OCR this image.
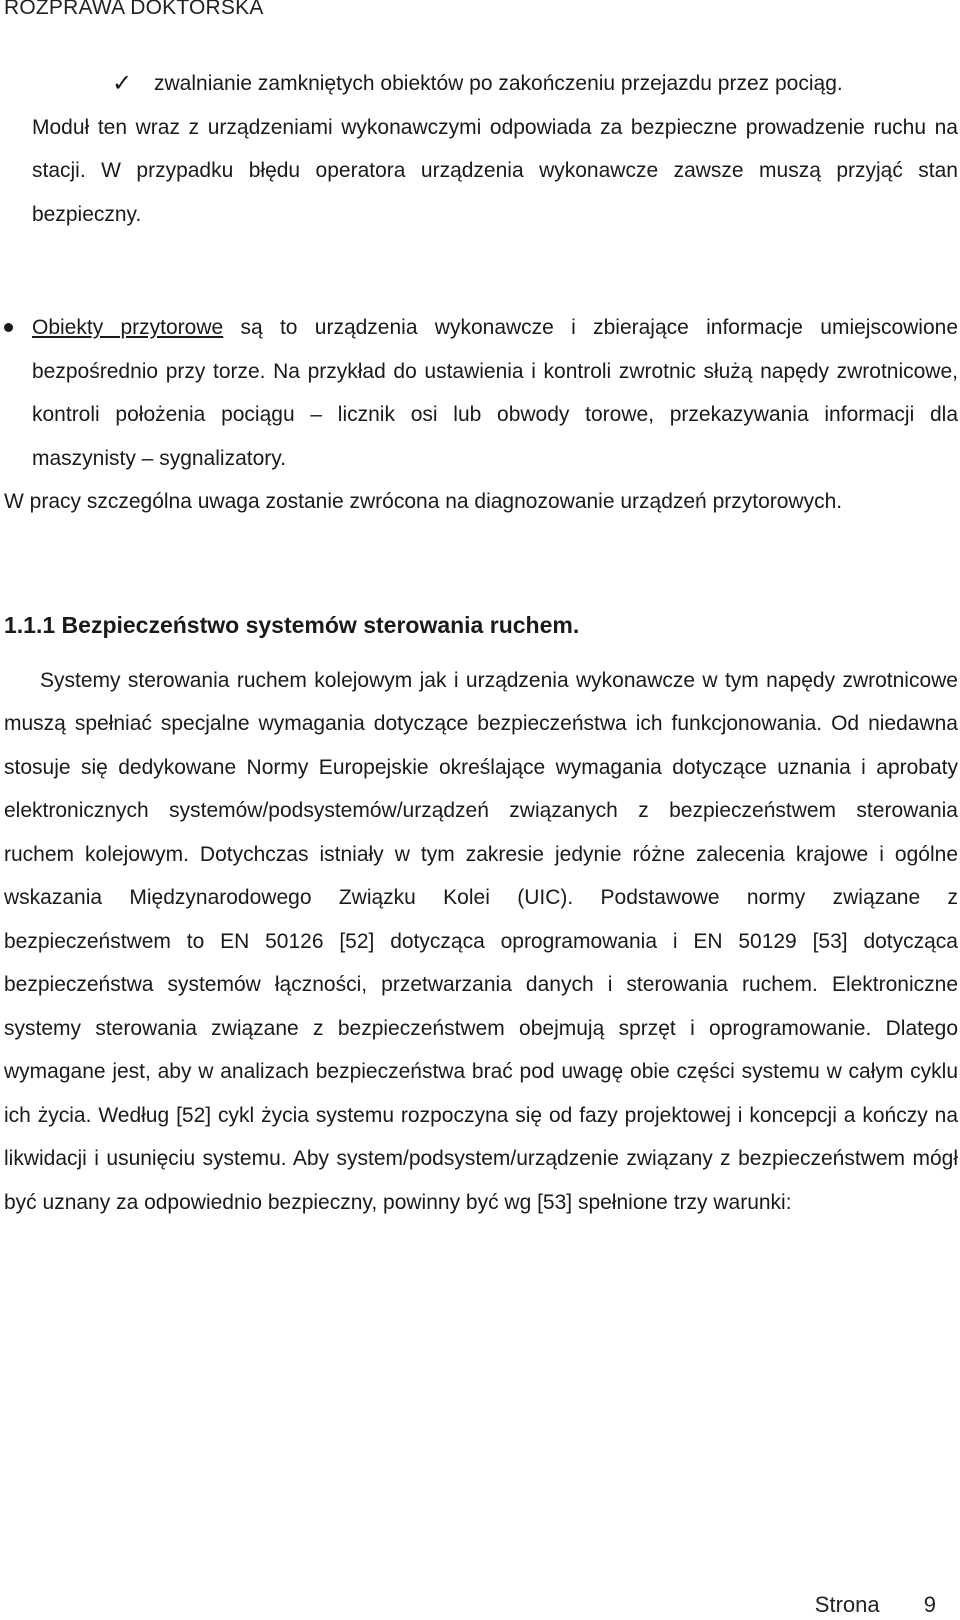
ROZPRAWA DOKTORSKA
✓ zwalnianie zamkniętych obiektów po zakończeniu przejazdu przez pociąg.

Moduł ten wraz z urządzeniami wykonawczymi odpowiada za bezpieczne prowadzenie ruchu na stacji. W przypadku błędu operatora urządzenia wykonawcze zawsze muszą przyjąć stan bezpieczny.

Obiekty przytorowe są to urządzenia wykonawcze i zbierające informacje umiejscowione bezpośrednio przy torze. Na przykład do ustawienia i kontroli zwrotnic służą napędy zwrotnicowe, kontroli położenia pociągu – licznik osi lub obwody torowe, przekazywania informacji dla maszynisty – sygnalizatory.

W pracy szczególna uwaga zostanie zwrócona na diagnozowanie urządzeń przytorowych.

1.1.1 Bezpieczeństwo systemów sterowania ruchem.

Systemy sterowania ruchem kolejowym jak i urządzenia wykonawcze w tym napędy zwrotnicowe muszą spełniać specjalne wymagania dotyczące bezpieczeństwa ich funkcjonowania. Od niedawna stosuje się dedykowane Normy Europejskie określające wymagania dotyczące uznania i aprobaty elektronicznych systemów/podsystemów/urządzeń związanych z bezpieczeństwem sterowania ruchem kolejowym. Dotychczas istniały w tym zakresie jedynie różne zalecenia krajowe i ogólne wskazania Międzynarodowego Związku Kolei (UIC). Podstawowe normy związane z bezpieczeństwem to EN 50126 [52] dotycząca oprogramowania i EN 50129 [53] dotycząca bezpieczeństwa systemów łączności, przetwarzania danych i sterowania ruchem. Elektroniczne systemy sterowania związane z bezpieczeństwem obejmują sprzęt i oprogramowanie. Dlatego wymagane jest, aby w analizach bezpieczeństwa brać pod uwagę obie części systemu w całym cyklu ich życia. Według [52] cykl życia systemu rozpoczyna się od fazy projektowej i koncepcji a kończy na likwidacji i usunięciu systemu. Aby system/podsystem/urządzenie związany z bezpieczeństwem mógł być uznany za odpowiednio bezpieczny, powinny być wg [53] spełnione trzy warunki:

Strona 9
